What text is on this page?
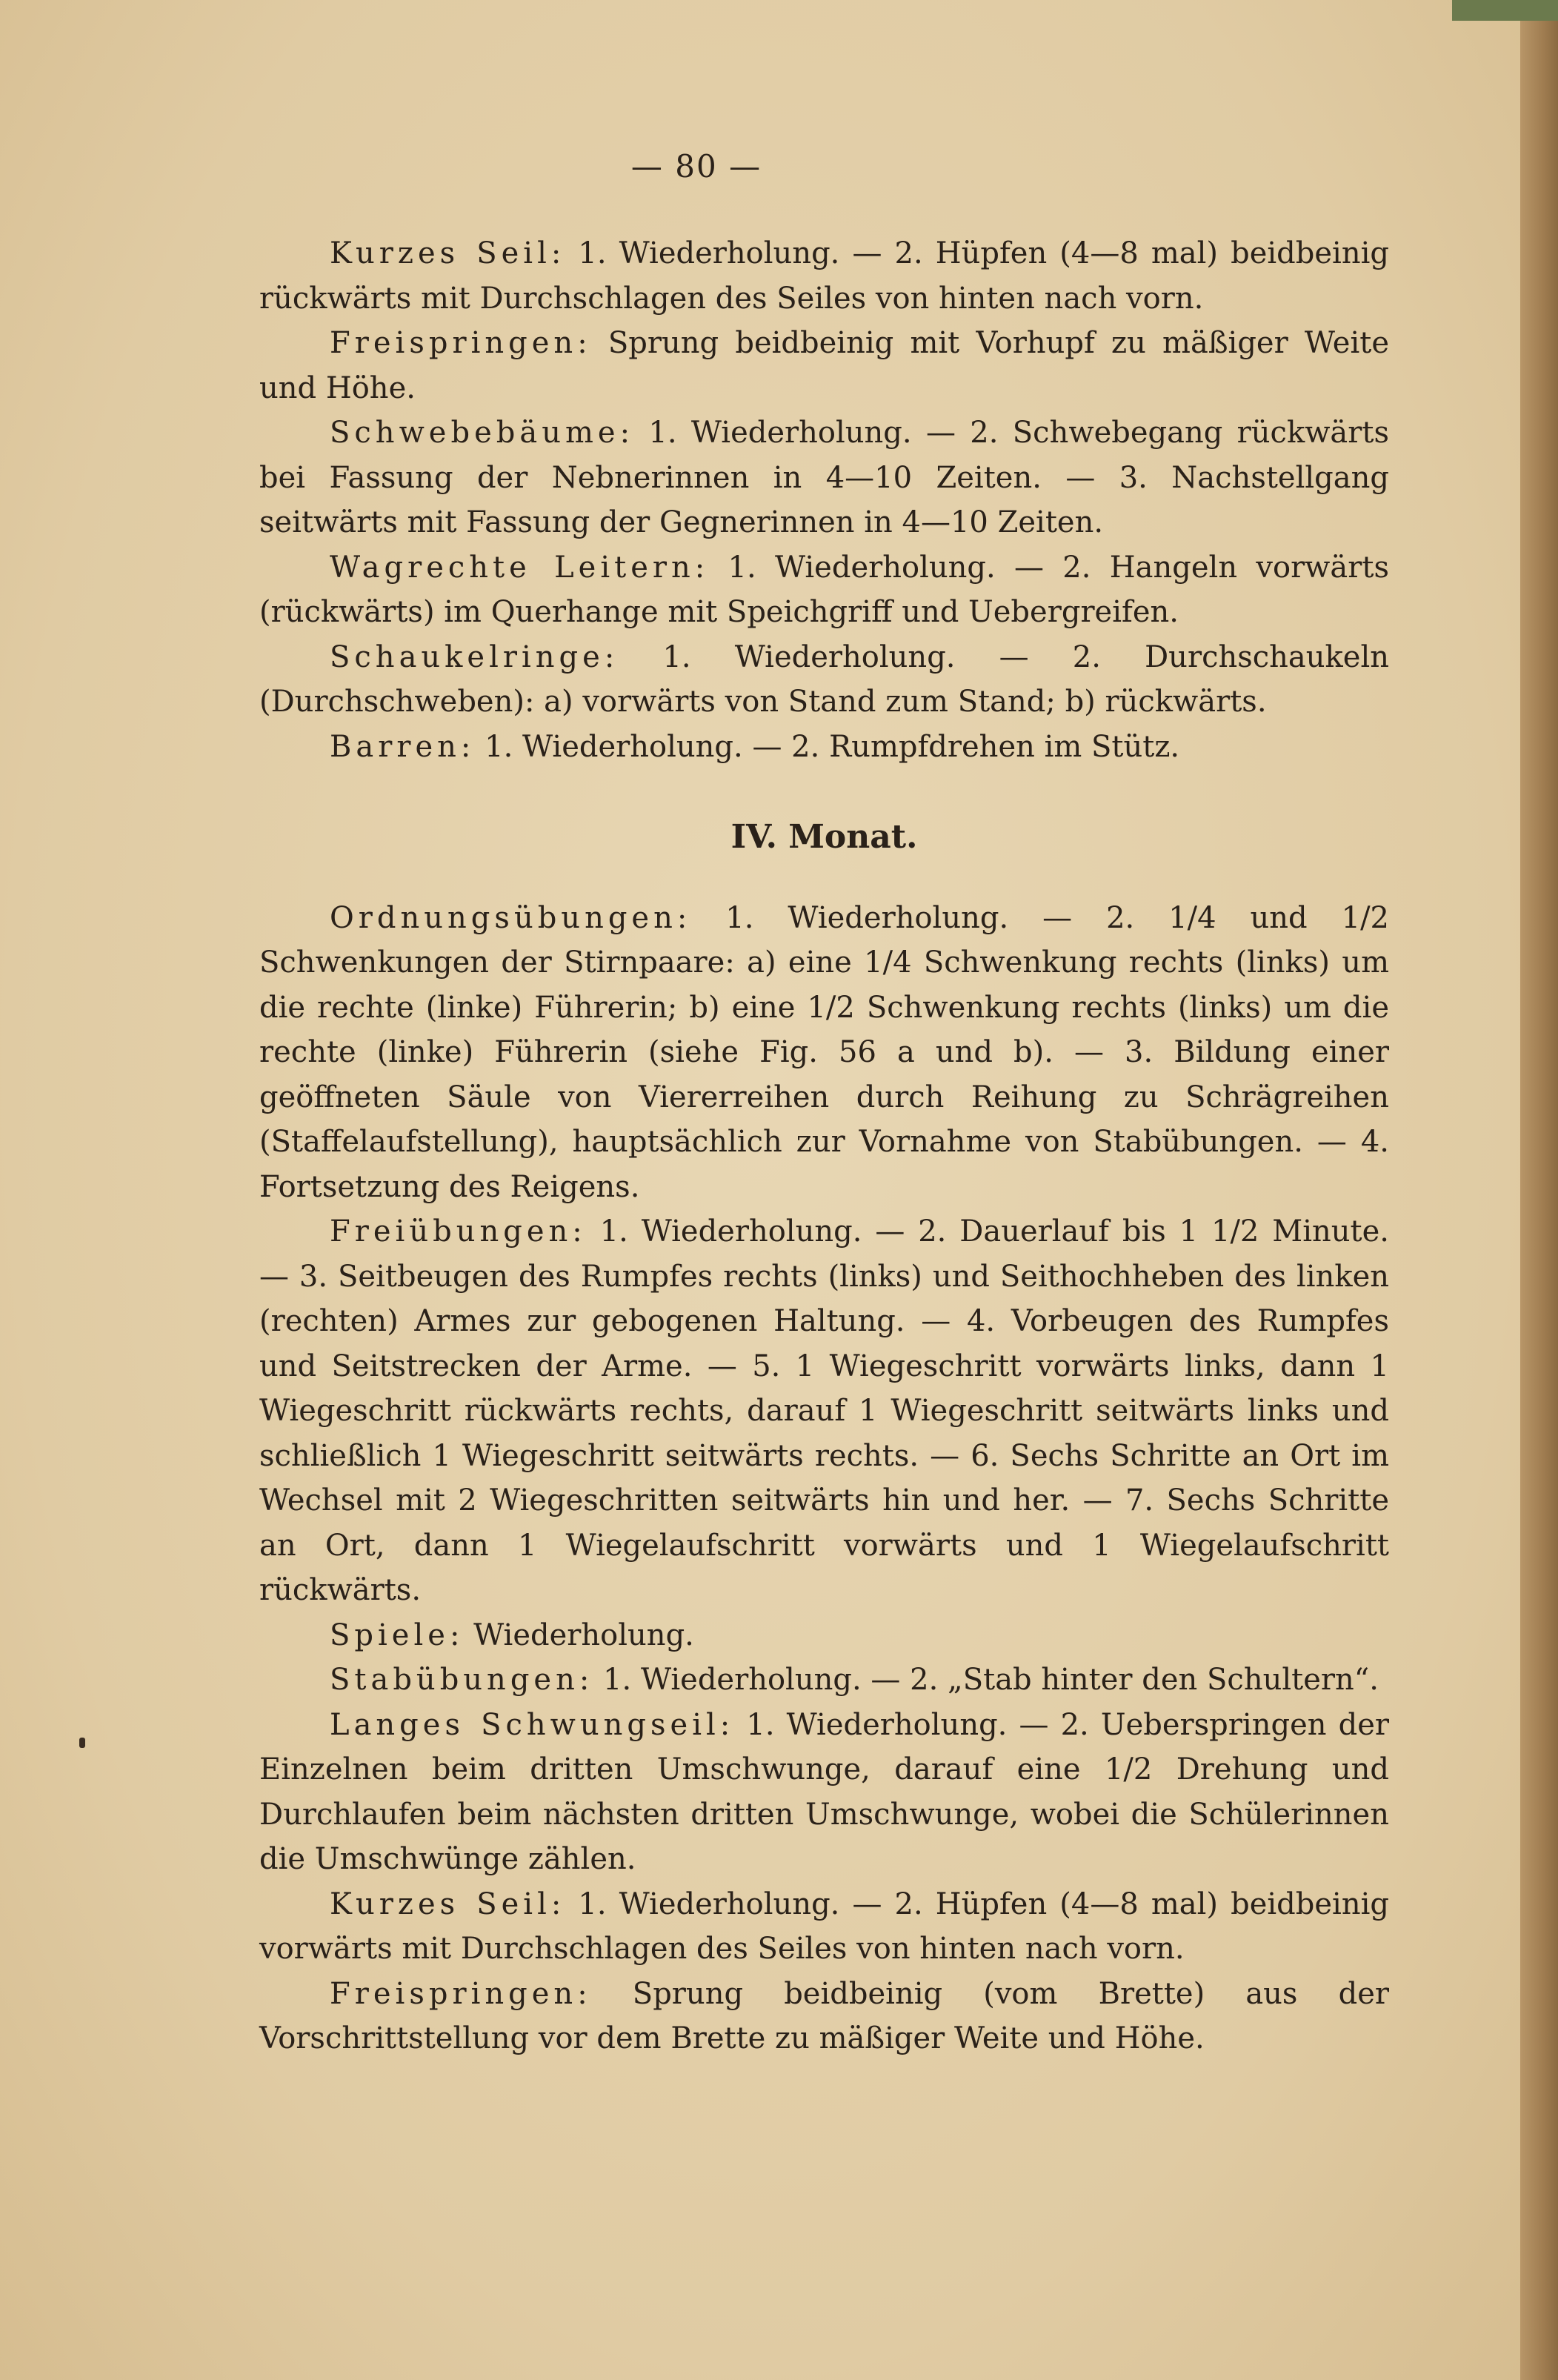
— 80 —

Kurzes Seil: 1. Wiederholung. — 2. Hüpfen (4—8 mal) beidbeinig rückwärts mit Durchschlagen des Seiles von hinten nach vorn.

Freispringen: Sprung beidbeinig mit Vorhupf zu mäßiger Weite und Höhe.

Schwebebäume: 1. Wiederholung. — 2. Schwebegang rückwärts bei Fassung der Nebnerinnen in 4—10 Zeiten. — 3. Nachstellgang seitwärts mit Fassung der Gegnerinnen in 4—10 Zeiten.

Wagrechte Leitern: 1. Wiederholung. — 2. Hangeln vorwärts (rückwärts) im Querhange mit Speichgriff und Uebergreifen.

Schaukelringe: 1. Wiederholung. — 2. Durchschaukeln (Durchschweben): a) vorwärts von Stand zum Stand; b) rückwärts.

Barren: 1. Wiederholung. — 2. Rumpfdrehen im Stütz.

IV. Monat.

Ordnungsübungen: 1. Wiederholung. — 2. 1/4 und 1/2 Schwenkungen der Stirnpaare: a) eine 1/4 Schwenkung rechts (links) um die rechte (linke) Führerin; b) eine 1/2 Schwenkung rechts (links) um die rechte (linke) Führerin (siehe Fig. 56 a und b). — 3. Bildung einer geöffneten Säule von Viererreihen durch Reihung zu Schrägreihen (Staffelaufstellung), hauptsächlich zur Vornahme von Stabübungen. — 4. Fortsetzung des Reigens.

Freiübungen: 1. Wiederholung. — 2. Dauerlauf bis 1 1/2 Minute. — 3. Seitbeugen des Rumpfes rechts (links) und Seithochheben des linken (rechten) Armes zur gebogenen Haltung. — 4. Vorbeugen des Rumpfes und Seitstrecken der Arme. — 5. 1 Wiegeschritt vorwärts links, dann 1 Wiegeschritt rückwärts rechts, darauf 1 Wiegeschritt seitwärts links und schließlich 1 Wiegeschritt seitwärts rechts. — 6. Sechs Schritte an Ort im Wechsel mit 2 Wiegeschritten seitwärts hin und her. — 7. Sechs Schritte an Ort, dann 1 Wiegelaufschritt vorwärts und 1 Wiegelaufschritt rückwärts.

Spiele: Wiederholung.

Stabübungen: 1. Wiederholung. — 2. „Stab hinter den Schultern“.

Langes Schwungseil: 1. Wiederholung. — 2. Ueberspringen der Einzelnen beim dritten Umschwunge, darauf eine 1/2 Drehung und Durchlaufen beim nächsten dritten Umschwunge, wobei die Schülerinnen die Umschwünge zählen.

Kurzes Seil: 1. Wiederholung. — 2. Hüpfen (4—8 mal) beidbeinig vorwärts mit Durchschlagen des Seiles von hinten nach vorn.

Freispringen: Sprung beidbeinig (vom Brette) aus der Vorschrittstellung vor dem Brette zu mäßiger Weite und Höhe.
